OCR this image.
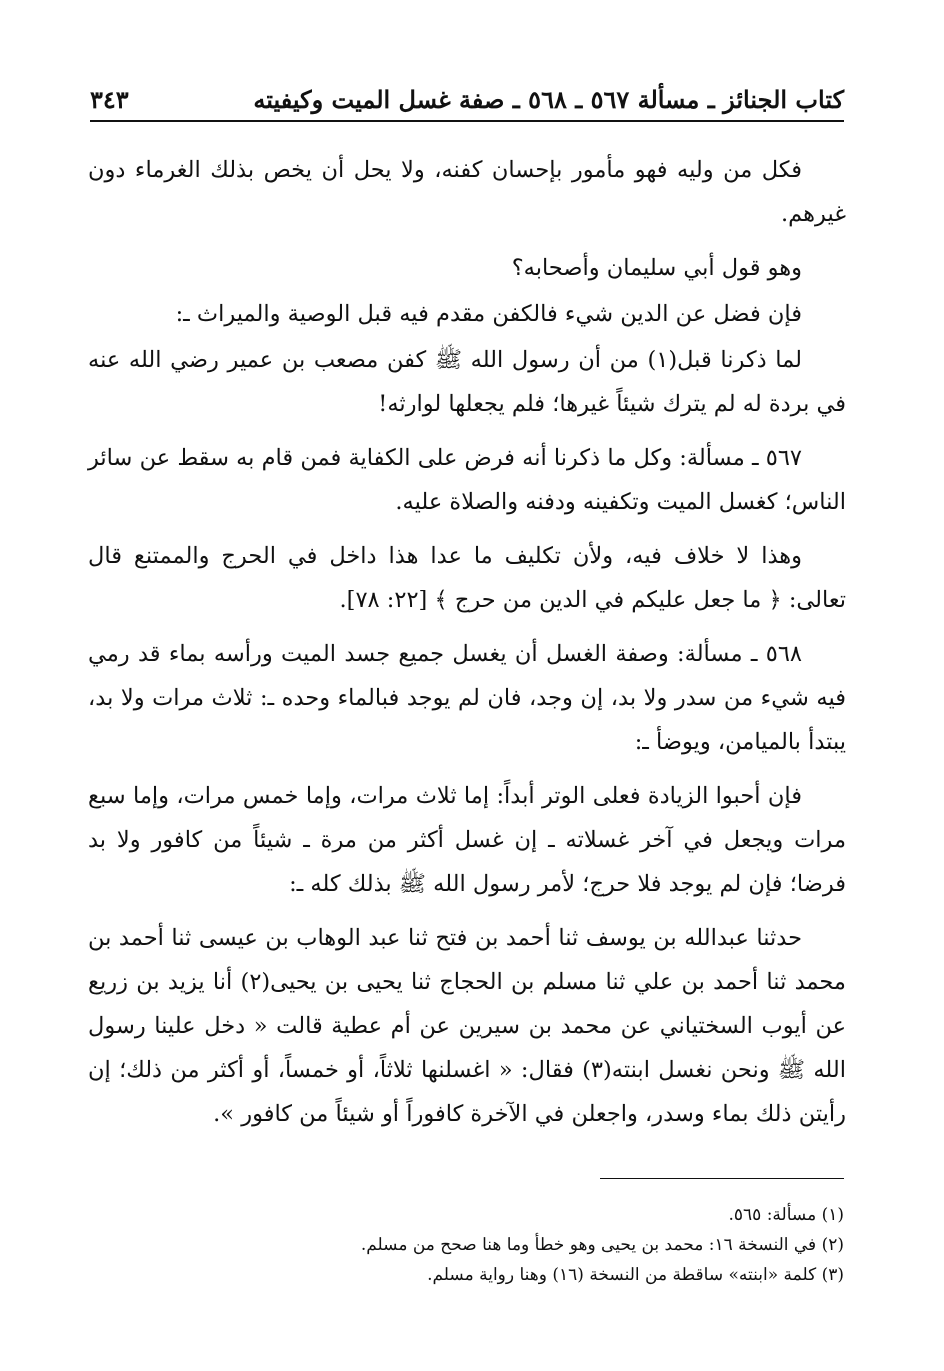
كتاب الجنائز ـ مسألة ٥٦٧ ـ ٥٦٨ ـ صفة غسل الميت وكيفيته
٣٤٣

فكل من وليه فهو مأمور بإحسان كفنه، ولا يحل أن يخص بذلك الغرماء دون غيرهم.

وهو قول أبي سليمان وأصحابه؟

فإن فضل عن الدين شيء فالكفن مقدم فيه قبل الوصية والميراث ـ:

لما ذكرنا قبل(١) من أن رسول الله ﷺ كفن مصعب بن عمير رضي الله عنه في بردة له لم يترك شيئاً غيرها؛ فلم يجعلها لوارثه!

٥٦٧ ـ مسألة: وكل ما ذكرنا أنه فرض على الكفاية فمن قام به سقط عن سائر الناس؛ كغسل الميت وتكفينه ودفنه والصلاة عليه.

وهذا لا خلاف فيه، ولأن تكليف ما عدا هذا داخل في الحرج والممتنع قال تعالى: ﴿ ما جعل عليكم في الدين من حرج ﴾ [٢٢: ٧٨].

٥٦٨ ـ مسألة: وصفة الغسل أن يغسل جميع جسد الميت ورأسه بماء قد رمي فيه شيء من سدر ولا بد، إن وجد، فان لم يوجد فبالماء وحده ـ: ثلاث مرات ولا بد، يبتدأ بالميامن، ويوضأ ـ:

فإن أحبوا الزيادة فعلى الوتر أبداً: إما ثلاث مرات، وإما خمس مرات، وإما سبع مرات ويجعل في آخر غسلاته ـ إن غسل أكثر من مرة ـ شيئاً من كافور ولا بد فرضا؛ فإن لم يوجد فلا حرج؛ لأمر رسول الله ﷺ بذلك كله ـ:

حدثنا عبدالله بن يوسف ثنا أحمد بن فتح ثنا عبد الوهاب بن عيسى ثنا أحمد بن محمد ثنا أحمد بن علي ثنا مسلم بن الحجاج ثنا يحيى بن يحيى(٢) أنا يزيد بن زريع عن أيوب السختياني عن محمد بن سيرين عن أم عطية قالت « دخل علينا رسول الله ﷺ ونحن نغسل ابنته(٣) فقال: « اغسلنها ثلاثاً، أو خمساً، أو أكثر من ذلك؛ إن رأيتن ذلك بماء وسدر، واجعلن في الآخرة كافوراً أو شيئاً من كافور ».

(١) مسألة: ٥٦٥.

(٢) في النسخة ١٦: محمد بن يحيى وهو خطأ وما هنا صحح من مسلم.

(٣) كلمة «ابنته» ساقطة من النسخة (١٦) وهنا رواية مسلم.
